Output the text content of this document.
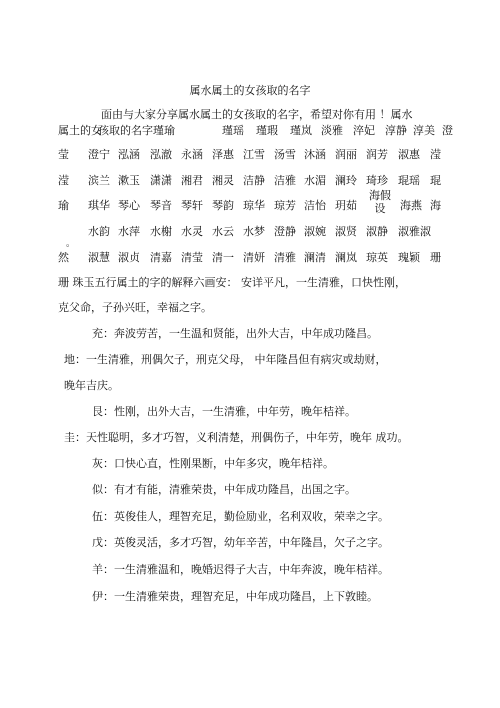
属水属土的女孩取的名字
面由与大家分享属水属土的女孩取的名字，希望对你有用 ！属水
属土的女
孩取的名字瑾瑜	瑾瑶 瑾瑕 瑾岚 淡雅 淬妃 淳静 淳美 澄
莹 澄宁 泓涵 泓澈 永涵 泽惠 江雪 汤雪 沐涵 润丽 润芳 淑惠 滢
滢 滨兰 漱玉 潇潇 湘君 湘灵 洁静 洁雅 水湄 澜玲 琦珍 琨瑶 琨
瑜 琪华 琴心 琴音 琴轩 琴韵 琼华 琼芳 洁怡 玥茹
海假设	海燕 海
水韵 水萍 水榭 水灵 水云 水梦 澄静 淑婉 淑贤 淑静 淑雅淑
。
然 淑慧 淑贞 清嘉 清莹 清一 清妍 清雅 澜清 澜岚 琼英 瑰颖 珊
珊 珠玉五行属土的字的解释六画安： 安详平凡，一生清雅，口快性刚，
克父命，子孙兴旺，幸福之字。
充：奔波劳苦，一生温和贤能，出外大吉，中年成功隆昌。
地：一生清雅，刑偶欠子，刑克父母， 中年隆昌但有病灾或劫财，
晚年吉庆。
艮：性刚，出外大吉，一生清雅，中年劳，晚年桔祥。
圭：天性聪明，多才巧智，义利清楚，刑偶伤子，中年劳，晚年 成功。
灰：口快心直，性刚果断，中年多灾，晚年桔祥。
似：有才有能，清雅荣贵，中年成功隆昌，出国之字。
伍：英俊佳人，理智充足，勤俭励业，名利双收，荣幸之字。
戊：英俊灵活，多才巧智，幼年辛苦，中年隆昌，欠子之字。
羊：一生清雅温和，晚婚迟得子大吉，中年奔波，晚年桔祥。
伊：一生清雅荣贵，理智充足，中年成功隆昌，上下敦睦。
